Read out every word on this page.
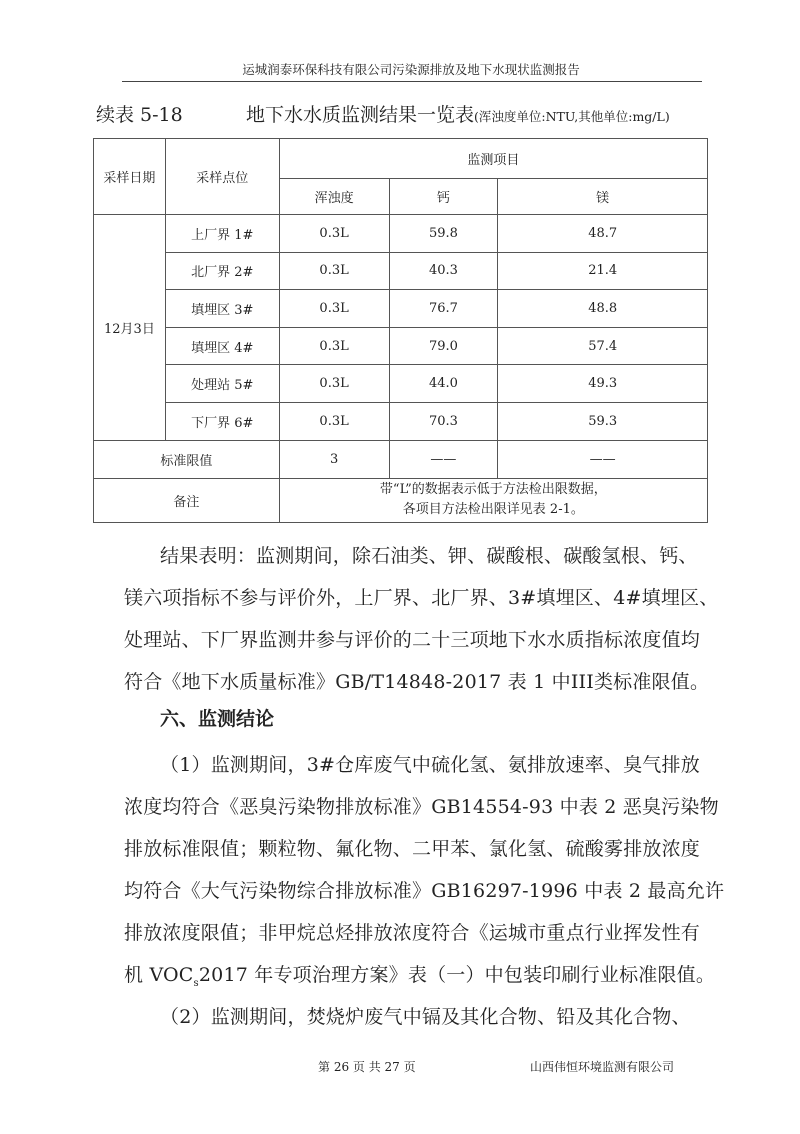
运城润泰环保科技有限公司污染源排放及地下水现状监测报告
续表 5-18	地下水水质监测结果一览表(浑浊度单位:NTU,其他单位:mg/L)
采样日期	采样点位	监测项目		
		浑浊度	钙	镁
12月3日	上厂界 1#	0.3L	59.8	48.7
	北厂界 2#	0.3L	40.3	21.4
	填埋区 3#	0.3L	76.7	48.8
	填埋区 4#	0.3L	79.0	57.4
	处理站 5#	0.3L	44.0	49.3
	下厂界 6#	0.3L	70.3	59.3
标准限值		3	——	——
备注		带“L”的数据表示低于方法检出限数据，
各项目方法检出限详见表 2-1。		
结果表明：监测期间，除石油类、钾、碳酸根、碳酸氢根、钙、
镁六项指标不参与评价外，上厂界、北厂界、3#填埋区、4#填埋区、
处理站、下厂界监测井参与评价的二十三项地下水水质指标浓度值均
符合《地下水质量标准》GB/T14848-2017 表 1 中III类标准限值。
六、监测结论
（1）监测期间，3#仓库废气中硫化氢、氨排放速率、臭气排放
浓度均符合《恶臭污染物排放标准》GB14554-93 中表 2 恶臭污染物
排放标准限值；颗粒物、氟化物、二甲苯、氯化氢、硫酸雾排放浓度
均符合《大气污染物综合排放标准》GB16297-1996 中表 2 最高允许
排放浓度限值；非甲烷总烃排放浓度符合《运城市重点行业挥发性有
机 $VOC_s2017$ 年专项治理方案》表（一）中包装印刷行业标准限值。
（2）监测期间，焚烧炉废气中镉及其化合物、铅及其化合物、
第 26 页 共 27 页	山西伟恒环境监测有限公司
